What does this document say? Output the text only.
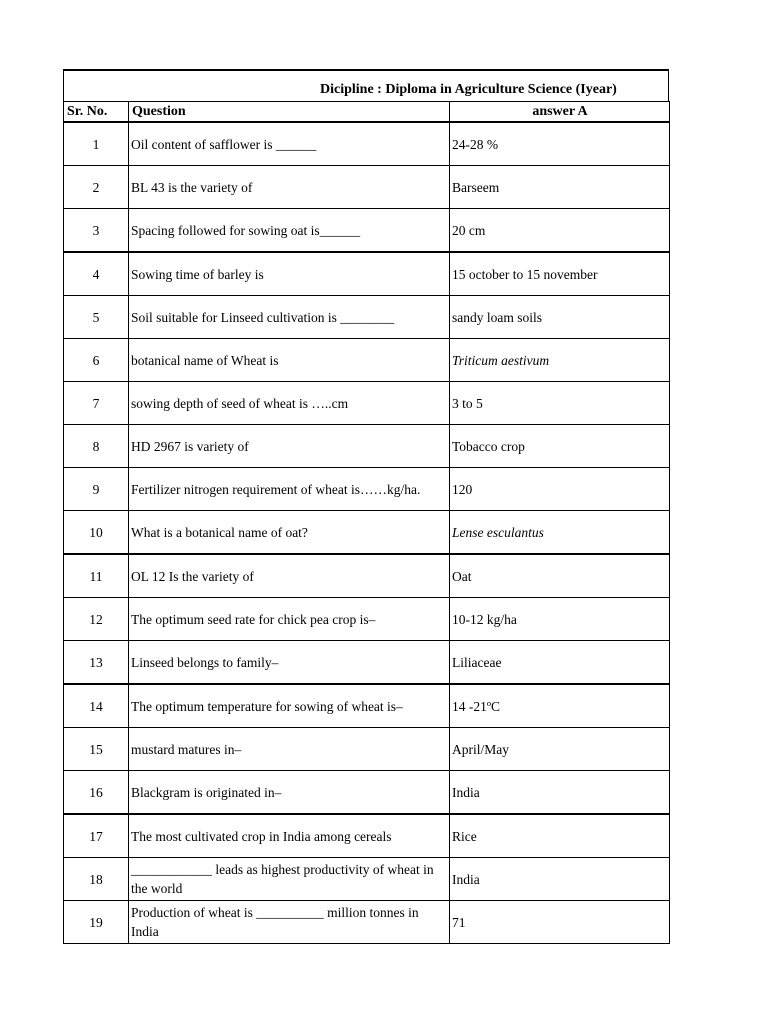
Dicipline : Diploma in Agriculture Science (Iyear)
Sr. No.	Question	answer A
1	Oil content of safflower is ______	24-28 %
2	BL 43 is the variety of	Barseem
3	Spacing followed for sowing oat is______	20 cm
4	Sowing time of barley is	15 october to 15 november
5	Soil suitable for Linseed cultivation is ________	sandy loam soils
6	botanical name of Wheat is	Triticum aestivum
7	sowing depth of seed of wheat is …..cm	3 to 5
8	HD 2967 is variety of	Tobacco crop
9	Fertilizer nitrogen requirement of wheat is……kg/ha.	120
10	What is a botanical name of oat?	Lense esculantus
11	OL 12 Is the variety of	Oat
12	The optimum seed rate for chick pea crop is–	10-12 kg/ha
13	Linseed belongs to family–	Liliaceae
14	The optimum temperature for sowing of wheat is–	14 -21ºC
15	mustard matures in–	April/May
16	Blackgram is originated in–	India
17	The most cultivated crop in India among cereals	Rice
18	____________ leads as highest productivity of wheat in the world	India
19	Production of wheat is __________ million tonnes in India	71
